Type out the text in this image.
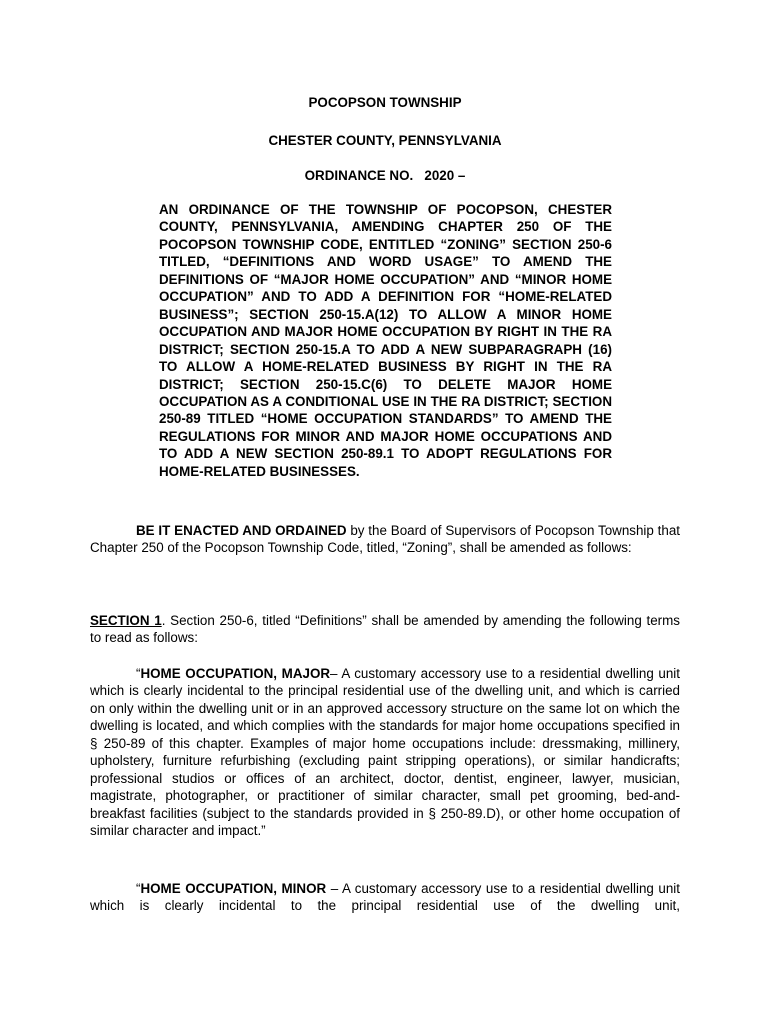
POCOPSON TOWNSHIP
CHESTER COUNTY, PENNSYLVANIA
ORDINANCE NO.   2020 –
AN ORDINANCE OF THE TOWNSHIP OF POCOPSON, CHESTER COUNTY, PENNSYLVANIA, AMENDING CHAPTER 250 OF THE POCOPSON TOWNSHIP CODE, ENTITLED “ZONING” SECTION 250-6 TITLED, “DEFINITIONS AND WORD USAGE” TO AMEND THE DEFINITIONS OF “MAJOR HOME OCCUPATION” AND “MINOR HOME OCCUPATION” AND TO ADD A DEFINITION FOR “HOME-RELATED BUSINESS”; SECTION 250-15.A(12) TO ALLOW A MINOR HOME OCCUPATION AND MAJOR HOME OCCUPATION BY RIGHT IN THE RA DISTRICT; SECTION 250-15.A TO ADD A NEW SUBPARAGRAPH (16) TO ALLOW A HOME-RELATED BUSINESS BY RIGHT IN THE RA DISTRICT; SECTION 250-15.C(6) TO DELETE MAJOR HOME OCCUPATION AS A CONDITIONAL USE IN THE RA DISTRICT; SECTION 250-89 TITLED “HOME OCCUPATION STANDARDS” TO AMEND THE REGULATIONS FOR MINOR AND MAJOR HOME OCCUPATIONS AND TO ADD A NEW SECTION 250-89.1 TO ADOPT REGULATIONS FOR HOME-RELATED BUSINESSES.
BE IT ENACTED AND ORDAINED by the Board of Supervisors of Pocopson Township that Chapter 250 of the Pocopson Township Code, titled, “Zoning”, shall be amended as follows:
SECTION 1. Section 250-6, titled “Definitions” shall be amended by amending the following terms to read as follows:
“HOME OCCUPATION, MAJOR– A customary accessory use to a residential dwelling unit which is clearly incidental to the principal residential use of the dwelling unit, and which is carried on only within the dwelling unit or in an approved accessory structure on the same lot on which the dwelling is located, and which complies with the standards for major home occupations specified in § 250-89 of this chapter. Examples of major home occupations include: dressmaking, millinery, upholstery, furniture refurbishing (excluding paint stripping operations), or similar handicrafts; professional studios or offices of an architect, doctor, dentist, engineer, lawyer, musician, magistrate, photographer, or practitioner of similar character, small pet grooming, bed-and-breakfast facilities (subject to the standards provided in § 250-89.D), or other home occupation of similar character and impact.”
“HOME OCCUPATION, MINOR – A customary accessory use to a residential dwelling unit which is clearly incidental to the principal residential use of the dwelling unit,
